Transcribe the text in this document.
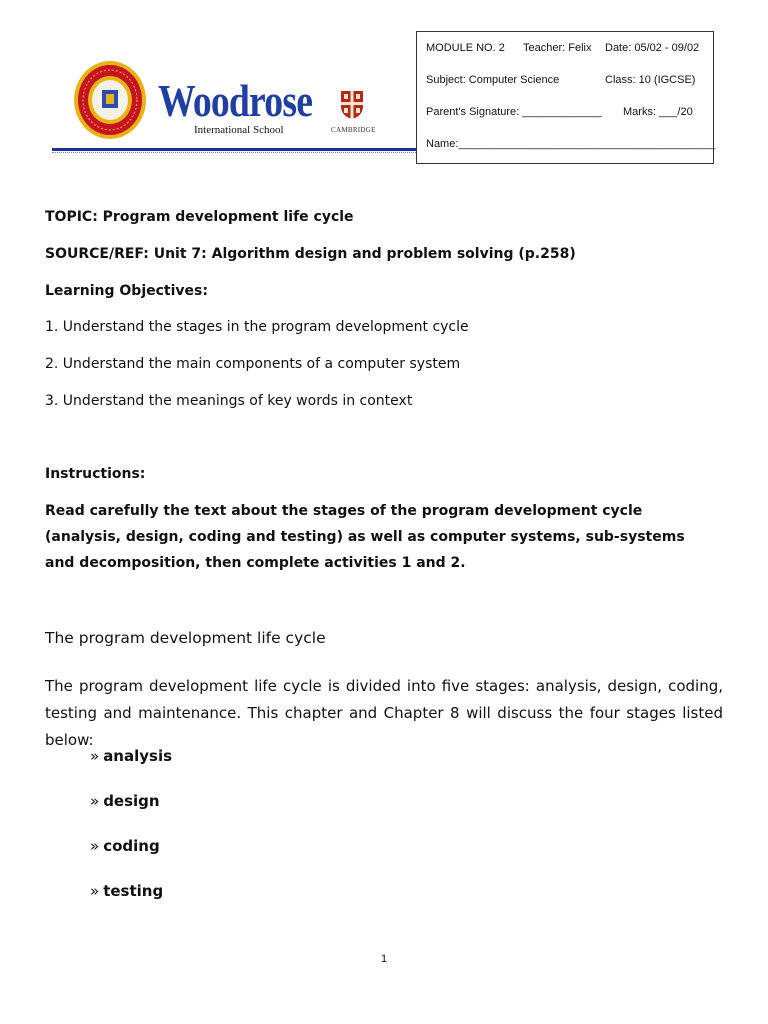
Woodrose
International School	CAMBRIDGE
MODULE NO. 2 Teacher: Felix Date: 05/02 - 09/02
Subject: Computer Science	Class: 10 (IGCSE)
Parent's Signature: _____________ Marks: ___/20
Name:__________________________________________
TOPIC: Program development life cycle
SOURCE/REF: Unit 7: Algorithm design and problem solving (p.258)
Learning Objectives:
1. Understand the stages in the program development cycle
2. Understand the main components of a computer system
3. Understand the meanings of key words in context
Instructions:
Read carefully the text about the stages of the program development cycle (analysis, design, coding and testing) as well as computer systems, sub-systems and decomposition, then complete activities 1 and 2.
The program development life cycle
The program development life cycle is divided into five stages: analysis, design, coding, testing and maintenance. This chapter and Chapter 8 will discuss the four stages listed below:
» analysis
» design
» coding
» testing
1
